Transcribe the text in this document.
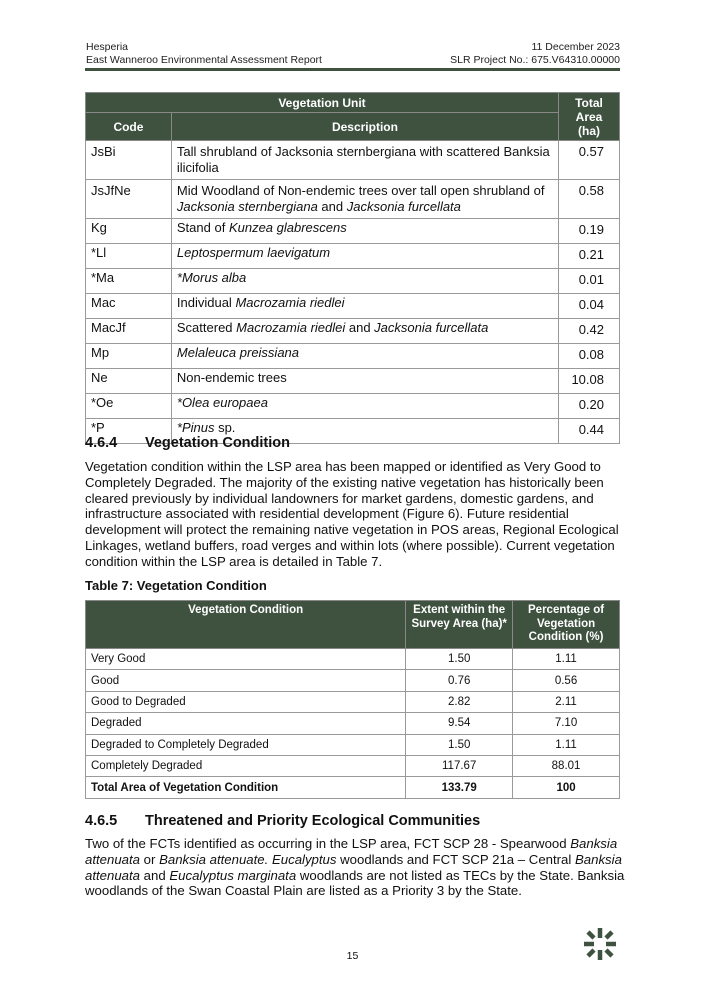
Hesperia
East Wanneroo Environmental Assessment Report
11 December 2023
SLR Project No.: 675.V64310.00000
Vegetation Unit		Total Area (ha)
Code	Description	
JsBi	Tall shrubland of Jacksonia sternbergiana with scattered Banksia ilicifolia	0.57
JsJfNe	Mid Woodland of Non-endemic trees over tall open shrubland of Jacksonia sternbergiana and Jacksonia furcellata	0.58
Kg	Stand of Kunzea glabrescens	0.19
*Ll	Leptospermum laevigatum	0.21
*Ma	*Morus alba	0.01
Mac	Individual Macrozamia riedlei	0.04
MacJf	Scattered Macrozamia riedlei and Jacksonia furcellata	0.42
Mp	Melaleuca preissiana	0.08
Ne	Non-endemic trees	10.08
*Oe	*Olea europaea	0.20
*P	*Pinus sp.	0.44
4.6.4 Vegetation Condition

Vegetation condition within the LSP area has been mapped or identified as Very Good to Completely Degraded. The majority of the existing native vegetation has historically been cleared previously by individual landowners for market gardens, domestic gardens, and infrastructure associated with residential development (Figure 6). Future residential development will protect the remaining native vegetation in POS areas, Regional Ecological Linkages, wetland buffers, road verges and within lots (where possible). Current vegetation condition within the LSP area is detailed in Table 7.

Table 7: Vegetation Condition

Vegetation Condition	Extent within the Survey Area (ha)*	Percentage of Vegetation Condition (%)
Very Good	1.50	1.11
Good	0.76	0.56
Good to Degraded	2.82	2.11
Degraded	9.54	7.10
Degraded to Completely Degraded	1.50	1.11
Completely Degraded	117.67	88.01
Total Area of Vegetation Condition	133.79	100
4.6.5 Threatened and Priority Ecological Communities

Two of the FCTs identified as occurring in the LSP area, FCT SCP 28 - Spearwood Banksia attenuata or Banksia attenuate. Eucalyptus woodlands and FCT SCP 21a – Central Banksia attenuata and Eucalyptus marginata woodlands are not listed as TECs by the State. Banksia woodlands of the Swan Coastal Plain are listed as a Priority 3 by the State.

15
